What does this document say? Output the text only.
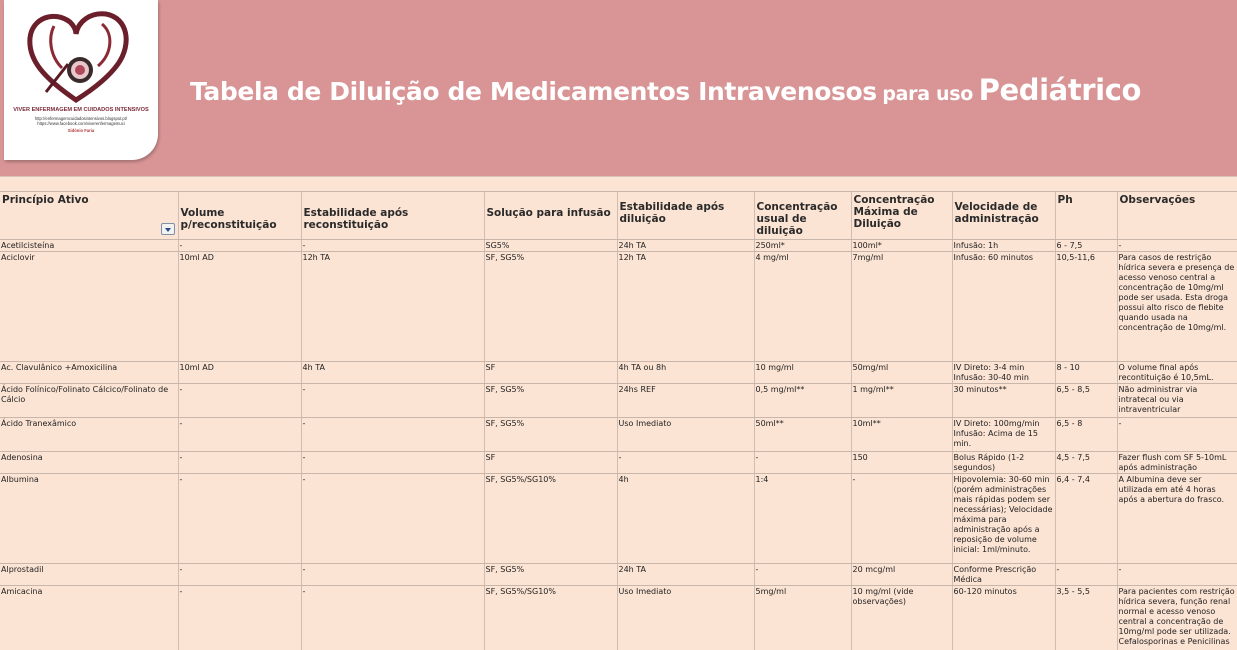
VIVER ENFERMAGEM EM CUIDADOS INTENSIVOS
http://enfermagemcuidadosintensivos.blogspot.pt/
https://www.facebook.com/viverenfermagemuci
Sidónio Faria
Tabela de Diluição de Medicamentos Intravenosos para uso Pediátrico
Princípio Ativo	Volume p/reconstituição	Estabilidade após reconstituição	Solução para infusão	Estabilidade após diluição	Concentração usual de diluição	Concentração Máxima de Diluição	Velocidade de administração	Ph	Observações
Acetilcisteína	-	-	SG5%	24h TA	250ml*	100ml*	Infusão: 1h	6 - 7,5	-
Aciclovir	10ml AD	12h TA	SF, SG5%	12h TA	4 mg/ml	7mg/ml	Infusão: 60 minutos	10,5-11,6	Para casos de restrição hídrica severa e presença de acesso venoso central a concentração de 10mg/ml pode ser usada. Esta droga possui alto risco de flebite quando usada na concentração de 10mg/ml.
Ac. Clavulânico +Amoxicilina	10ml AD	4h TA	SF	4h TA ou 8h	10 mg/ml	50mg/ml	IV Direto: 3-4 min Infusão: 30-40 min	8 - 10	O volume final após recontituição é 10,5mL.
Ácido Folínico/Folinato Cálcico/Folinato de Cálcio	-	-	SF, SG5%	24hs REF	0,5 mg/ml**	1 mg/ml**	30 minutos**	6,5 - 8,5	Não administrar via intratecal ou via intraventricular
Ácido Tranexâmico	-	-	SF, SG5%	Uso Imediato	50ml**	10ml**	IV Direto: 100mg/min Infusão: Acima de 15 min.	6,5 - 8	-
Adenosina	-	-	SF	-	-	150	Bolus Rápido (1-2 segundos)	4,5 - 7,5	Fazer flush com SF 5-10mL após administração
Albumina	-	-	SF, SG5%/SG10%	4h	1:4	-	Hipovolemia: 30-60 min (porém administrações mais rápidas podem ser necessárias); Velocidade máxima para administração após a reposição de volume inicial: 1ml/minuto.	6,4 - 7,4	A Albumina deve ser utilizada em até 4 horas após a abertura do frasco.
Alprostadil	-	-	SF, SG5%	24h TA	-	20 mcg/ml	Conforme Prescrição Médica	-	-
Amicacina	-	-	SF, SG5%/SG10%	Uso Imediato	5mg/ml	10 mg/ml (vide observações)	60-120 minutos	3,5 - 5,5	Para pacientes com restrição hídrica severa, função renal normal e acesso venoso central a concentração de 10mg/ml pode ser utilizada. Cefalosporinas e Penicilinas
